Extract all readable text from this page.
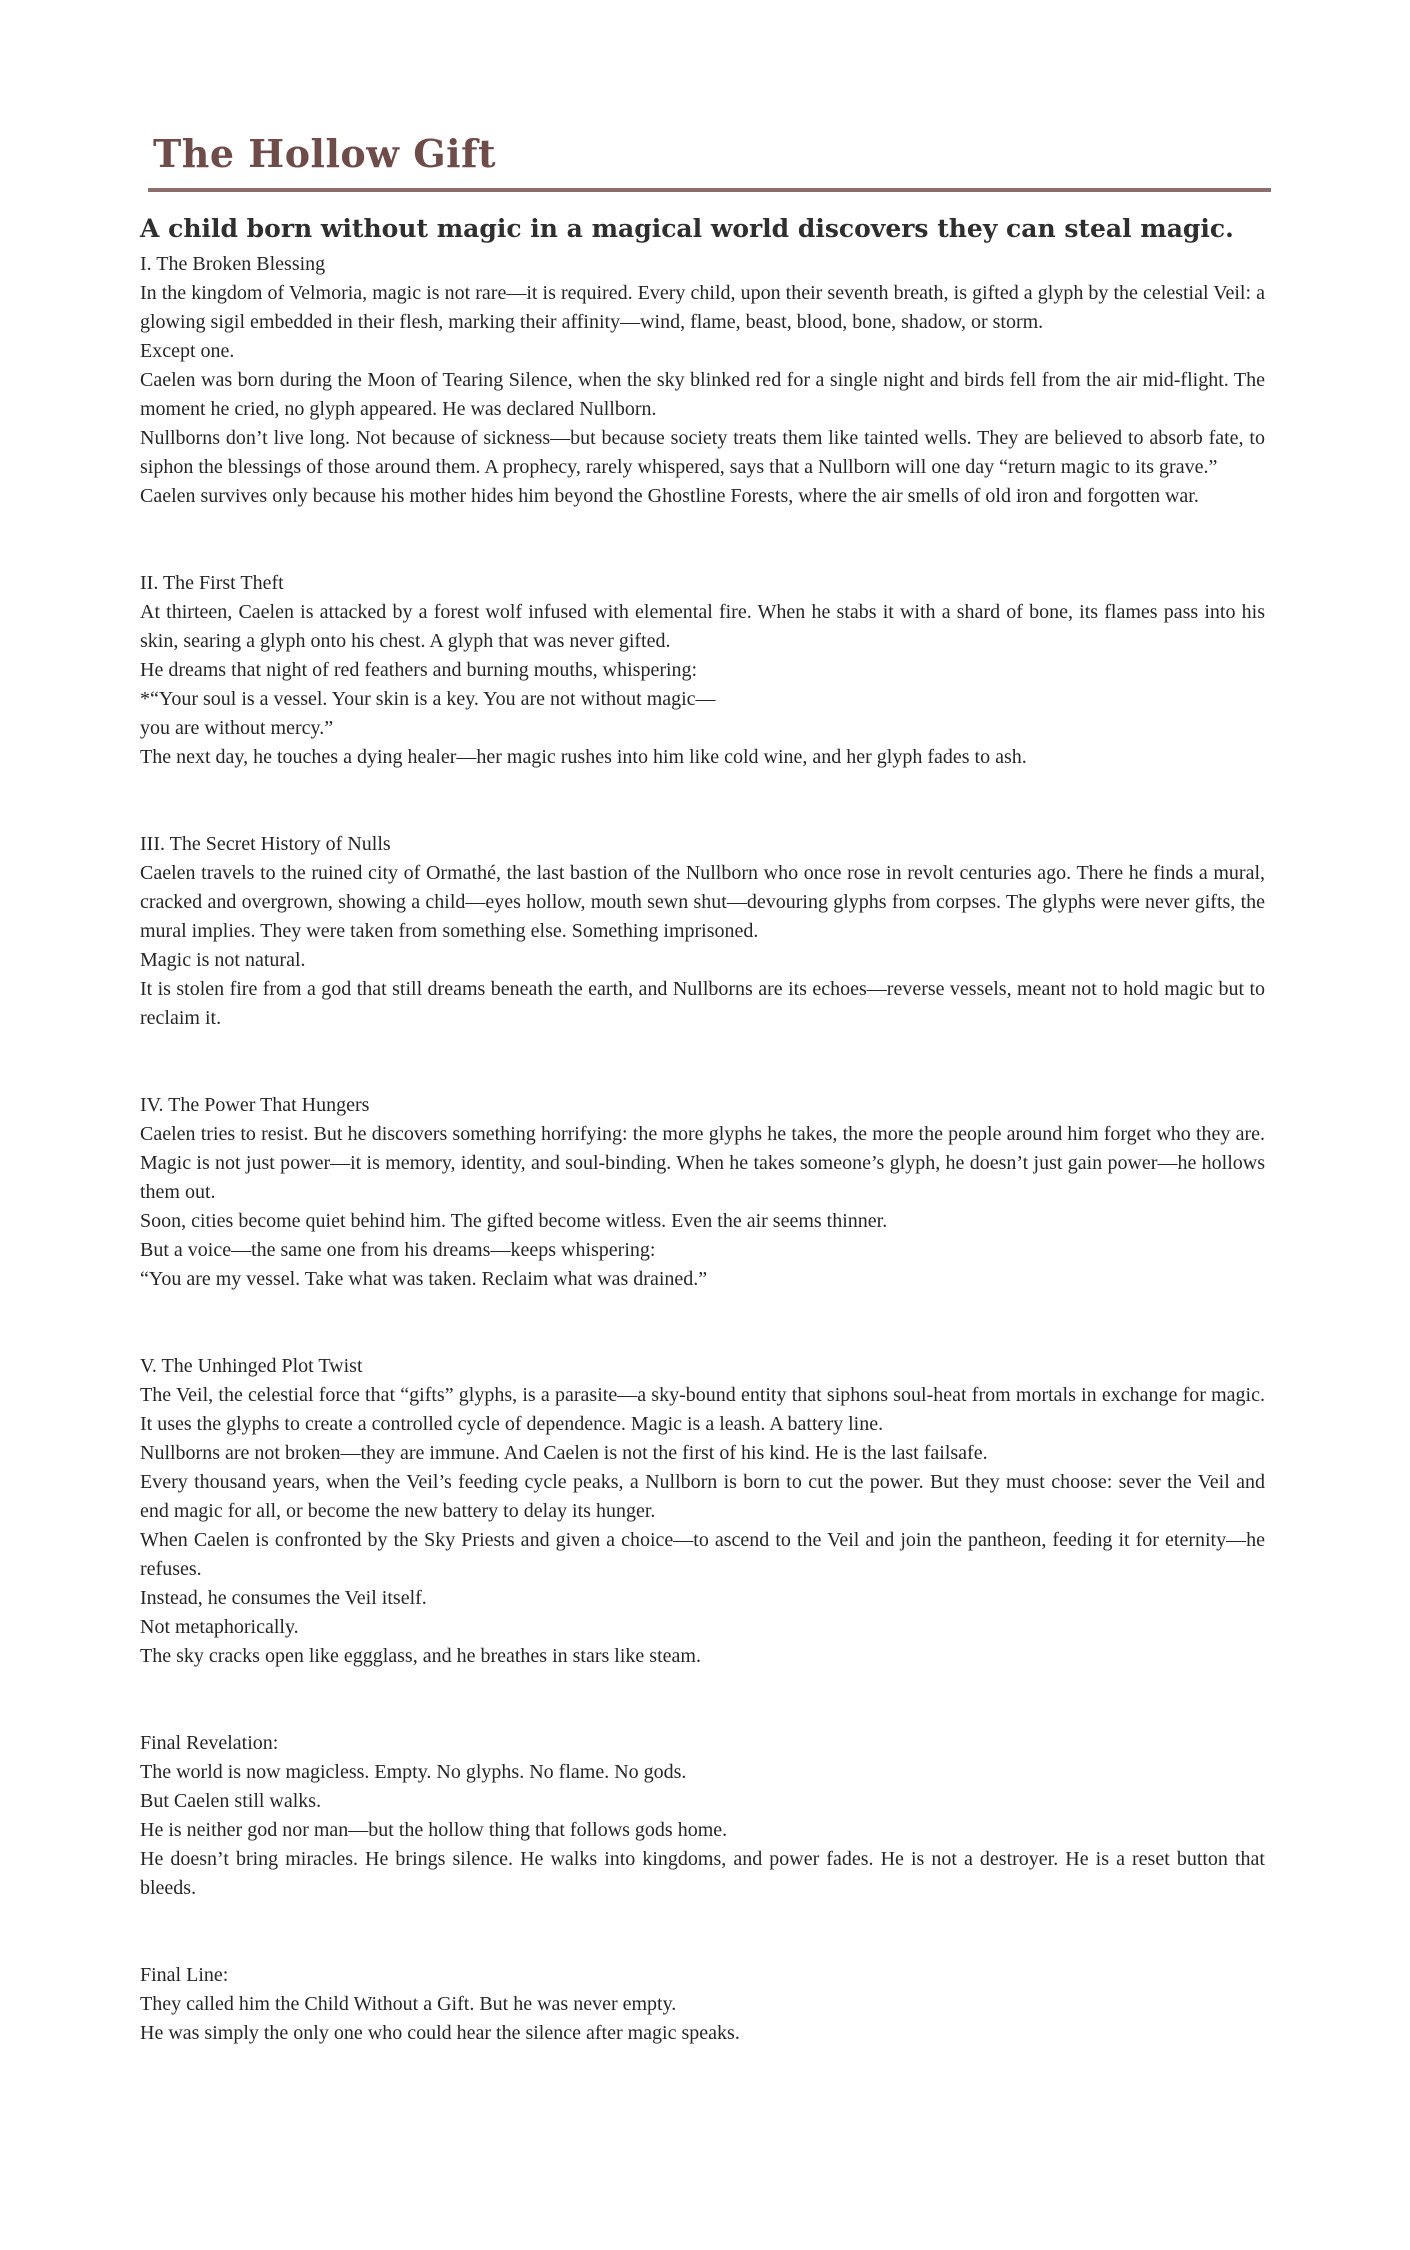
The Hollow Gift
A child born without magic in a magical world discovers they can steal magic.

I. The Broken Blessing

In the kingdom of Velmoria, magic is not rare—it is required. Every child, upon their seventh breath, is gifted a glyph by the celestial Veil: a glowing sigil embedded in their flesh, marking their affinity—wind, flame, beast, blood, bone, shadow, or storm.

Except one.

Caelen was born during the Moon of Tearing Silence, when the sky blinked red for a single night and birds fell from the air mid-flight. The moment he cried, no glyph appeared. He was declared Nullborn.

Nullborns don’t live long. Not because of sickness—but because society treats them like tainted wells. They are believed to absorb fate, to siphon the blessings of those around them. A prophecy, rarely whispered, says that a Nullborn will one day “return magic to its grave.”

Caelen survives only because his mother hides him beyond the Ghostline Forests, where the air smells of old iron and forgotten war.

II. The First Theft

At thirteen, Caelen is attacked by a forest wolf infused with elemental fire. When he stabs it with a shard of bone, its flames pass into his skin, searing a glyph onto his chest. A glyph that was never gifted.

He dreams that night of red feathers and burning mouths, whispering:

*“Your soul is a vessel. Your skin is a key. You are not without magic—

you are without mercy.”

The next day, he touches a dying healer—her magic rushes into him like cold wine, and her glyph fades to ash.

III. The Secret History of Nulls

Caelen travels to the ruined city of Ormathé, the last bastion of the Nullborn who once rose in revolt centuries ago. There he finds a mural, cracked and overgrown, showing a child—eyes hollow, mouth sewn shut—devouring glyphs from corpses. The glyphs were never gifts, the mural implies. They were taken from something else. Something imprisoned.

Magic is not natural.

It is stolen fire from a god that still dreams beneath the earth, and Nullborns are its echoes—reverse vessels, meant not to hold magic but to reclaim it.

IV. The Power That Hungers

Caelen tries to resist. But he discovers something horrifying: the more glyphs he takes, the more the people around him forget who they are. Magic is not just power—it is memory, identity, and soul-binding. When he takes someone’s glyph, he doesn’t just gain power—he hollows them out.

Soon, cities become quiet behind him. The gifted become witless. Even the air seems thinner.

But a voice—the same one from his dreams—keeps whispering:

“You are my vessel. Take what was taken. Reclaim what was drained.”

V. The Unhinged Plot Twist

The Veil, the celestial force that “gifts” glyphs, is a parasite—a sky-bound entity that siphons soul-heat from mortals in exchange for magic. It uses the glyphs to create a controlled cycle of dependence. Magic is a leash. A battery line.

Nullborns are not broken—they are immune. And Caelen is not the first of his kind. He is the last failsafe.

Every thousand years, when the Veil’s feeding cycle peaks, a Nullborn is born to cut the power. But they must choose: sever the Veil and end magic for all, or become the new battery to delay its hunger.

When Caelen is confronted by the Sky Priests and given a choice—to ascend to the Veil and join the pantheon, feeding it for eternity—he refuses.

Instead, he consumes the Veil itself.

Not metaphorically.

The sky cracks open like eggglass, and he breathes in stars like steam.

Final Revelation:

The world is now magicless. Empty. No glyphs. No flame. No gods.

But Caelen still walks.

He is neither god nor man—but the hollow thing that follows gods home.

He doesn’t bring miracles. He brings silence. He walks into kingdoms, and power fades. He is not a destroyer. He is a reset button that bleeds.

Final Line:

They called him the Child Without a Gift. But he was never empty.

He was simply the only one who could hear the silence after magic speaks.
